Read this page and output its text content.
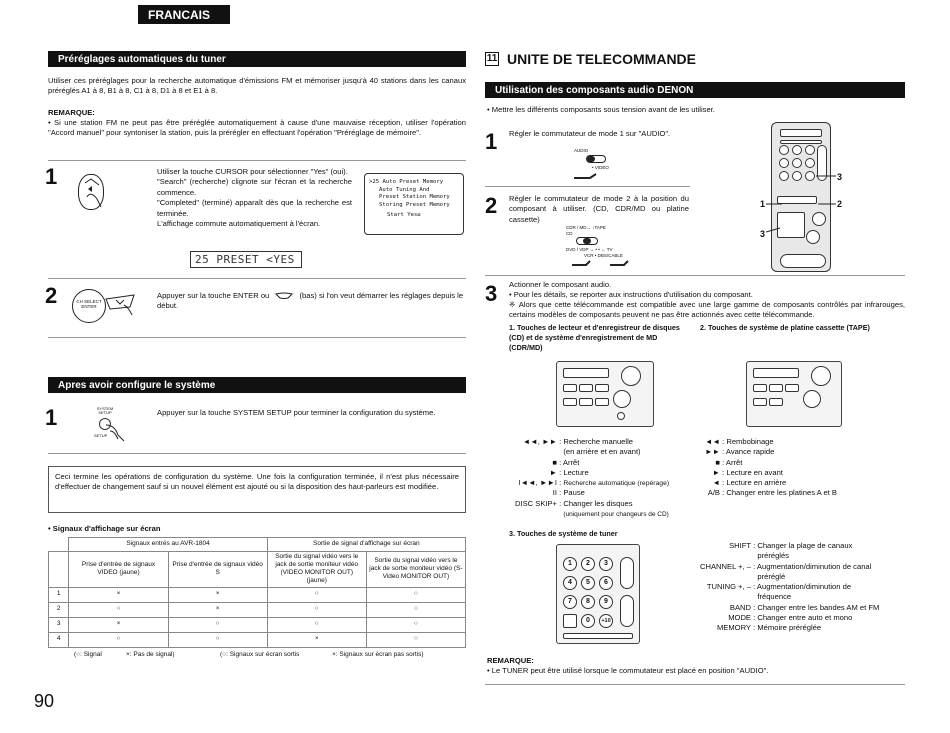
FRANCAIS
Préréglages automatiques du tuner
Utiliser ces préréglages pour la recherche automatique d'émissions FM et mémoriser jusqu'à 40 stations dans les canaux préréglés A1 à 8, B1 à 8, C1 à 8, D1 à 8 et E1 à 8.
REMARQUE:
• Si une station FM ne peut pas être préréglée automatiquement à cause d'une mauvaise réception, utiliser l'opération "Accord manuel" pour syntoniser la station, puis la prérégler en effectuant l'opération "Préréglage de mémoire".
1	Utiliser la touche CURSOR pour sélectionner "Yes" (oui).
"Search" (recherche) clignote sur l'écran et la recherche commence.
"Completed" (terminé) apparaît dès que la recherche est terminée.
L'affichage commute automatiquement à l'écran.
≻25 Auto Preset Memory
Auto Tuning And
Preset Station Memory
Storing Preset Memory
Start Yes≤
25 PRESET <YES
2	CH SELECT
ENTER
Appuyer sur la touche ENTER ou	(bas) si l'on veut démarrer les réglages depuis le début.
Apres avoir configure le système
1	SYSTEM
SETUP
SETUP
Appuyer sur la touche SYSTEM SETUP pour terminer la configuration du système.
Ceci termine les opérations de configuration du système. Une fois la configuration terminée, il n'est plus nécessaire d'effectuer de changement sauf si un nouvel élément est ajouté ou si la disposition des haut-parleurs est modifiée.
• Signaux d'affichage sur écran
	Signaux entrés au AVR-1804		Sortie de signal d'affichage sur écran	
	Prise d'entrée de signaux VIDEO (jaune)	Prise d'entrée de signaux vidéo S	Sortie du signal vidéo vers le jack de sortie moniteur vidéo (VIDEO MONITOR OUT) (jaune)	Sortie du signal vidéo vers le jack de sortie moniteur vidéo (S-Video MONITOR OUT)
1	×	×	○	○
2	○	×	○	○
3	×	○	○	○
4	○	○	×	○
(○: Signal	×: Pas de signal)	(○: Signaux sur écran sortis	×: Signaux sur écran pas sortis)
90
11 UNITE DE TELECOMMANDE
Utilisation des composants audio DENON
• Mettre les différents composants sous tension avant de les utiliser.
1 Régler le commutateur de mode 1 sur "AUDIO".
AUDIO
• VIDEO
2 Régler le commutateur de mode 2 à la position du composant à utiliser. (CD, CDR/MD ou platine cassette)
CDR / MD→ ↓TAPE
CD
DVD / VDP → • • ← TV
VCR • DBS/CABLE
3
1	2
3
3 Actionner le composant audio.
• Pour les détails, se reporter aux instructions d'utilisation du composant.
※ Alors que cette télécommande est compatible avec une large gamme de composants contrôlés par infrarouges, certains modèles de composants peuvent ne pas être actionnés avec cette télécommande.
1. Touches de lecteur et d'enregistreur de disques (CD) et de système d'enregistrement de MD (CDR/MD)
◄◄, ►► : Recherche manuelle
(en arrière et en avant)
■ : Arrêt
► : Lecture
I◄◄, ►►I : Recherche automatique (repérage)
II : Pause
DISC SKIP+ : Changer les disques
(uniquement pour changeurs de CD)
2. Touches de système de platine cassette (TAPE)
◄◄ : Rembobinage
►► : Avance rapide
■ : Arrêt
► : Lecture en avant
◄ : Lecture en arrière
A/B : Changer entre les platines A et B
3. Touches de système de tuner
1	2	3
4	5	6
7	8	9
0	+10
SHIFT : Changer la plage de canaux
préréglés
CHANNEL +, – : Augmentation/diminution de canal
préréglé
TUNING +, – : Augmentation/diminution de
fréquence
BAND : Changer entre les bandes AM et FM
MODE : Changer entre auto et mono
MEMORY : Mémoire préréglée
REMARQUE:
• Le TUNER peut être utilisé lorsque le commutateur est placé en position "AUDIO".
